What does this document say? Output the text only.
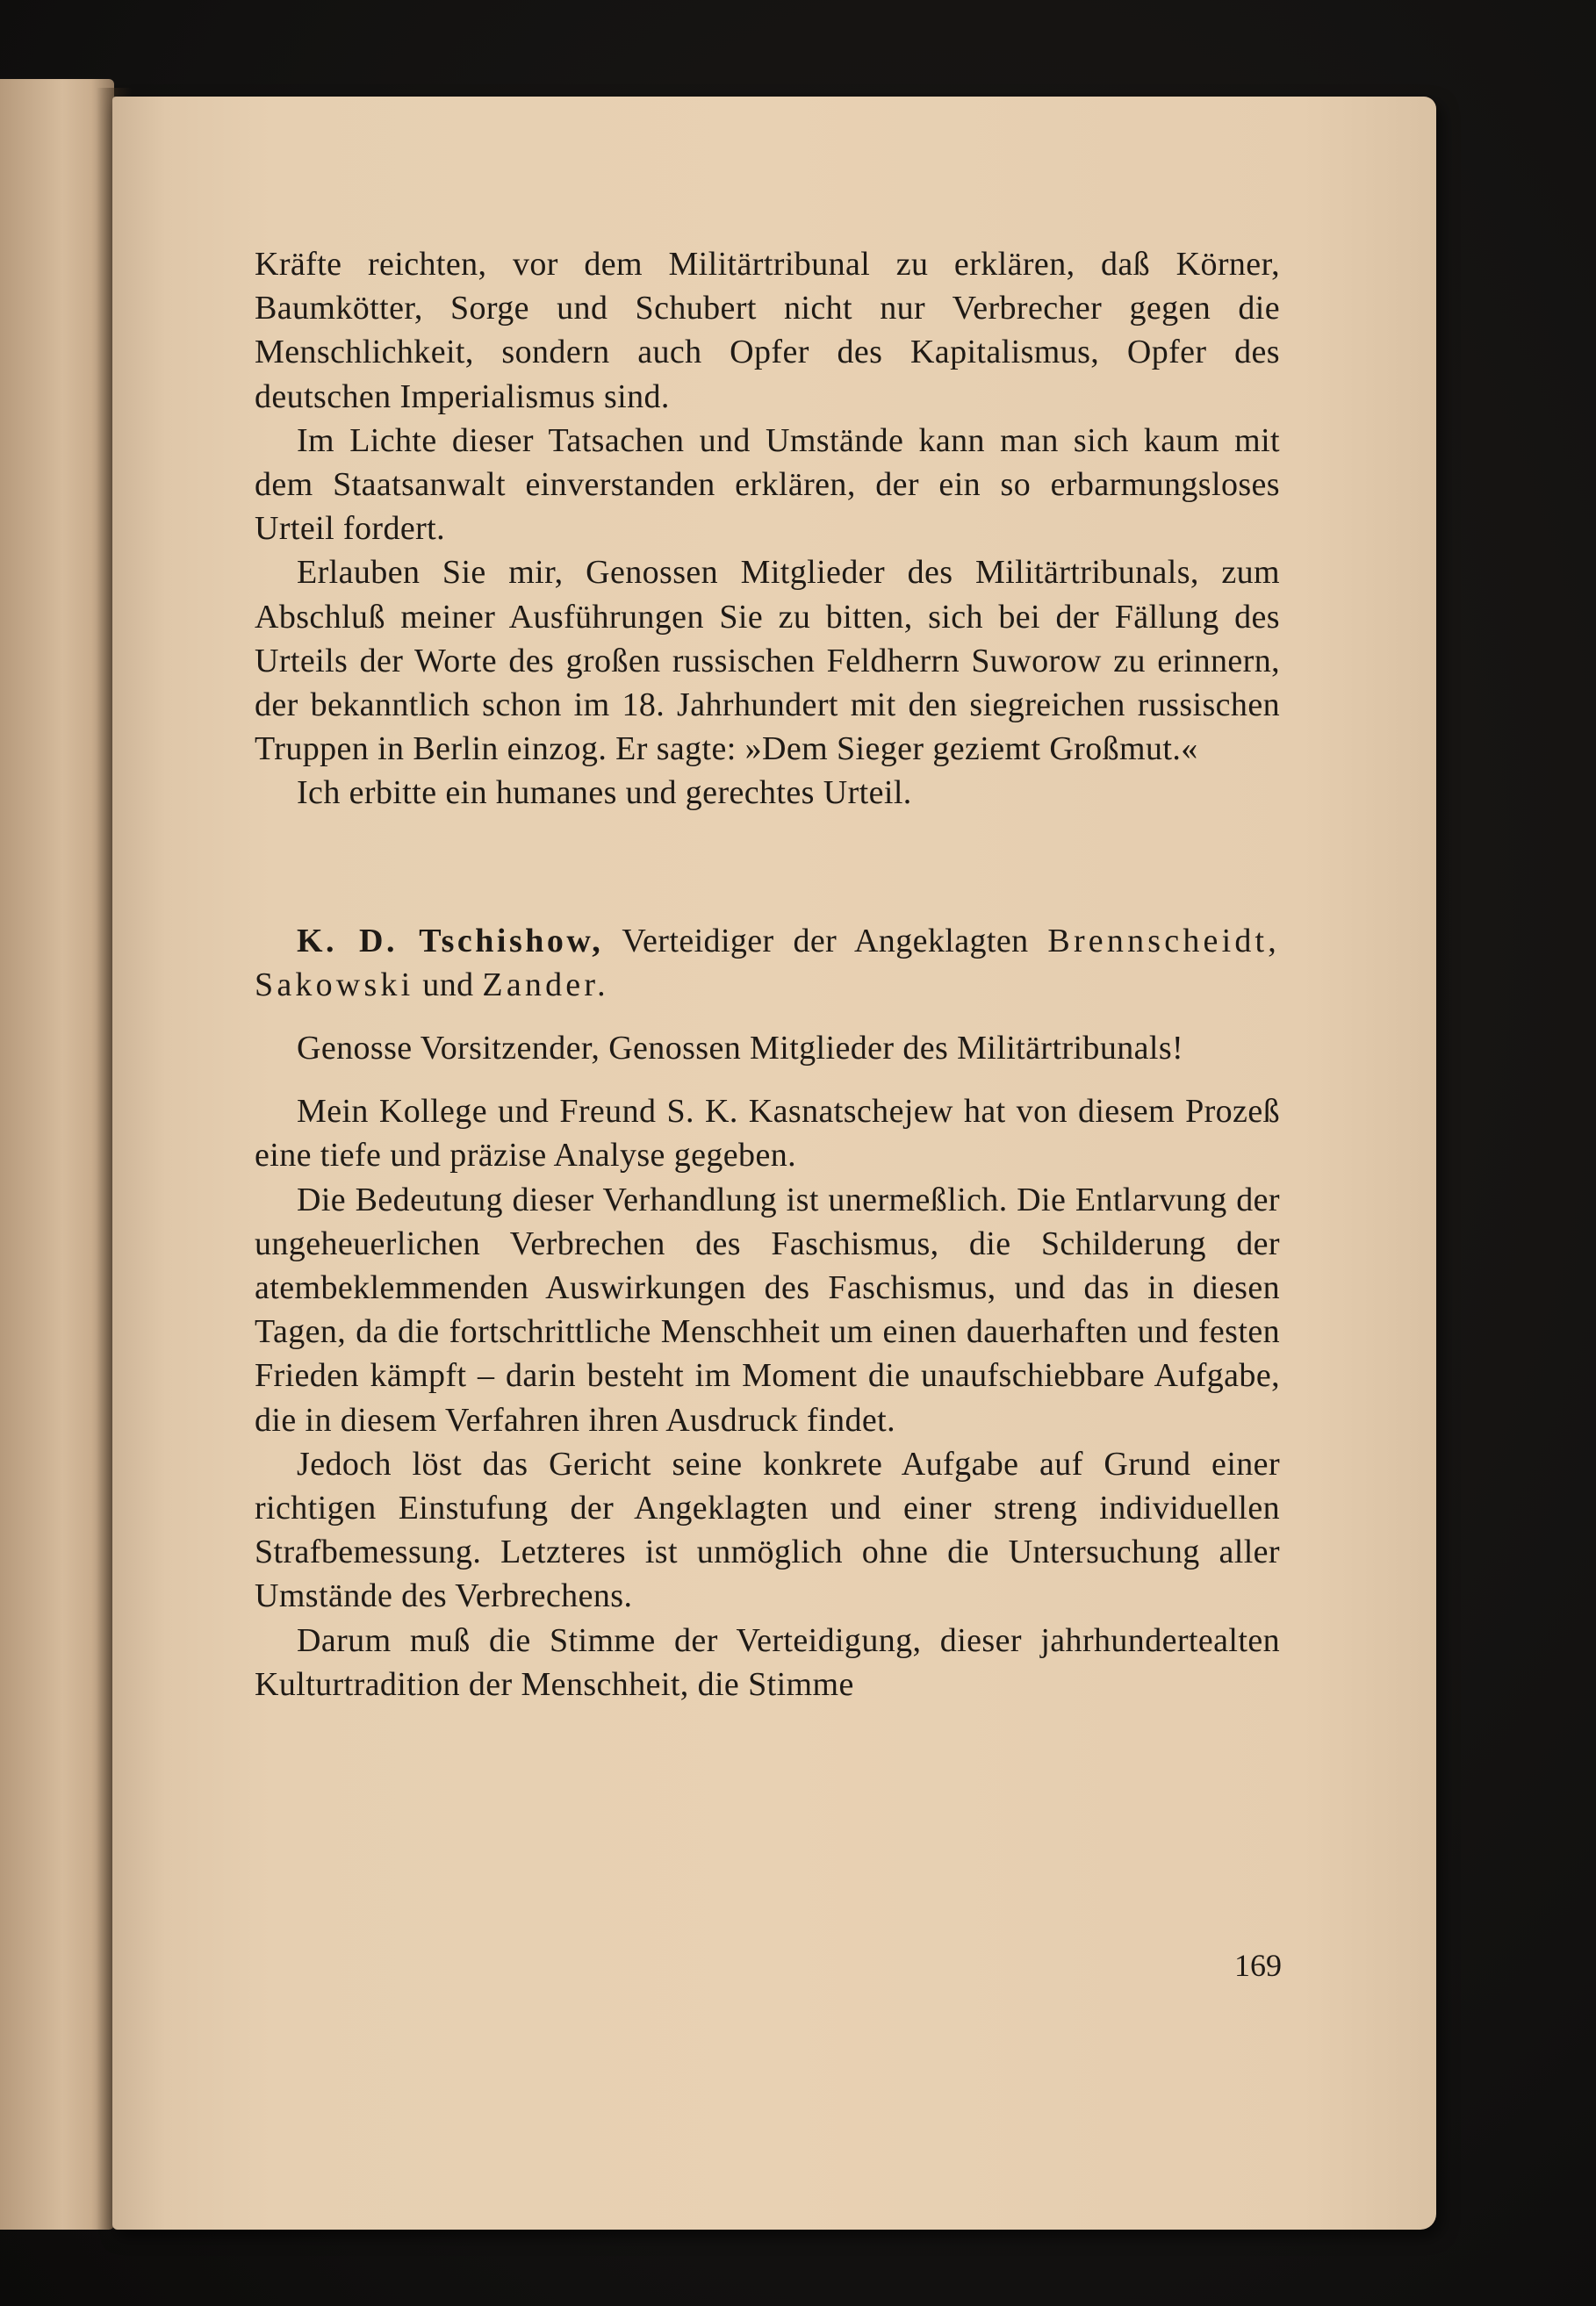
Kräfte reichten, vor dem Militärtribunal zu erklären, daß Körner, Baumkötter, Sorge und Schubert nicht nur Verbrecher gegen die Menschlichkeit, sondern auch Opfer des Kapitalismus, Opfer des deutschen Imperialismus sind.

Im Lichte dieser Tatsachen und Umstände kann man sich kaum mit dem Staatsanwalt einverstanden erklären, der ein so erbarmungsloses Urteil fordert.

Erlauben Sie mir, Genossen Mitglieder des Militärtribunals, zum Abschluß meiner Ausführungen Sie zu bitten, sich bei der Fällung des Urteils der Worte des großen russischen Feldherrn Suworow zu erinnern, der bekanntlich schon im 18. Jahrhundert mit den siegreichen russischen Truppen in Berlin einzog. Er sagte: »Dem Sieger geziemt Großmut.«

Ich erbitte ein humanes und gerechtes Urteil.

K. D. Tschishow, Verteidiger der Angeklagten Brennscheidt, Sakowski und Zander.

Genosse Vorsitzender, Genossen Mitglieder des Militärtribunals!

Mein Kollege und Freund S. K. Kasnatschejew hat von diesem Prozeß eine tiefe und präzise Analyse gegeben.

Die Bedeutung dieser Verhandlung ist unermeßlich. Die Entlarvung der ungeheuerlichen Verbrechen des Faschismus, die Schilderung der atembeklemmenden Auswirkungen des Faschismus, und das in diesen Tagen, da die fortschrittliche Menschheit um einen dauerhaften und festen Frieden kämpft – darin besteht im Moment die unaufschiebbare Aufgabe, die in diesem Verfahren ihren Ausdruck findet.

Jedoch löst das Gericht seine konkrete Aufgabe auf Grund einer richtigen Einstufung der Angeklagten und einer streng individuellen Strafbemessung. Letzteres ist unmöglich ohne die Untersuchung aller Umstände des Verbrechens.

Darum muß die Stimme der Verteidigung, dieser jahrhundertealten Kulturtradition der Menschheit, die Stimme

169
